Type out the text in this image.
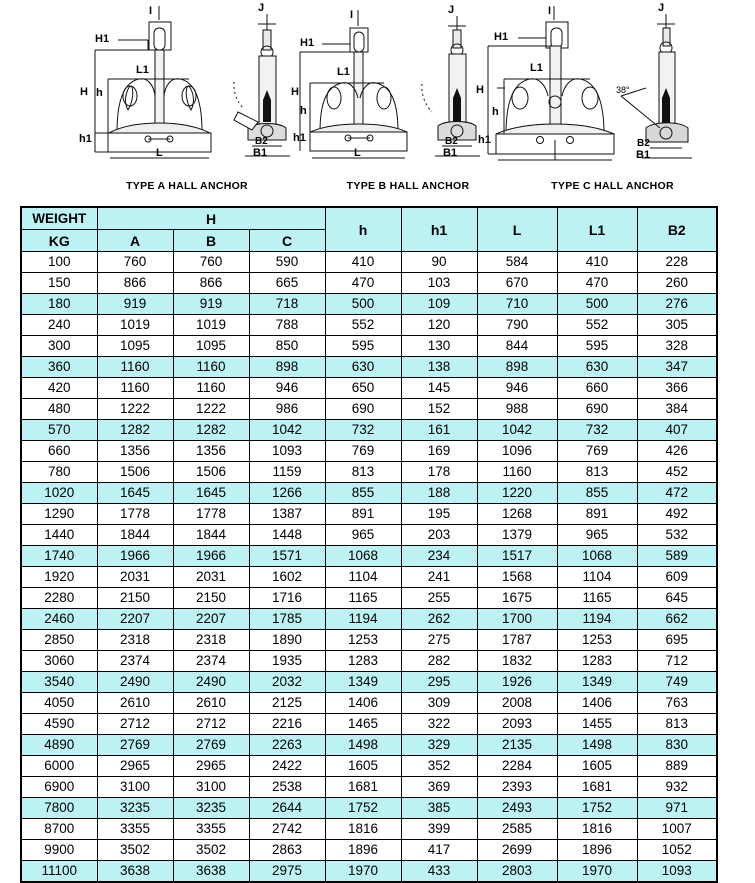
TYPE A HALL ANCHOR
I	J
H1
L1
H h
h1
L
B2
B1
TYPE B HALL ANCHOR
I	J
H1
L1
H
h
h1
L
B2
B1
TYPE C HALL ANCHOR
I	J
H1
L1
H
h
h1	B2
B1
38°
WEIGHT	H			h	h1	L	L1	B2
KG	A	B	C					
100	760	760	590	410	90	584	410	228
150	866	866	665	470	103	670	470	260
180	919	919	718	500	109	710	500	276
240	1019	1019	788	552	120	790	552	305
300	1095	1095	850	595	130	844	595	328
360	1160	1160	898	630	138	898	630	347
420	1160	1160	946	650	145	946	660	366
480	1222	1222	986	690	152	988	690	384
570	1282	1282	1042	732	161	1042	732	407
660	1356	1356	1093	769	169	1096	769	426
780	1506	1506	1159	813	178	1160	813	452
1020	1645	1645	1266	855	188	1220	855	472
1290	1778	1778	1387	891	195	1268	891	492
1440	1844	1844	1448	965	203	1379	965	532
1740	1966	1966	1571	1068	234	1517	1068	589
1920	2031	2031	1602	1104	241	1568	1104	609
2280	2150	2150	1716	1165	255	1675	1165	645
2460	2207	2207	1785	1194	262	1700	1194	662
2850	2318	2318	1890	1253	275	1787	1253	695
3060	2374	2374	1935	1283	282	1832	1283	712
3540	2490	2490	2032	1349	295	1926	1349	749
4050	2610	2610	2125	1406	309	2008	1406	763
4590	2712	2712	2216	1465	322	2093	1455	813
4890	2769	2769	2263	1498	329	2135	1498	830
6000	2965	2965	2422	1605	352	2284	1605	889
6900	3100	3100	2538	1681	369	2393	1681	932
7800	3235	3235	2644	1752	385	2493	1752	971
8700	3355	3355	2742	1816	399	2585	1816	1007
9900	3502	3502	2863	1896	417	2699	1896	1052
11100	3638	3638	2975	1970	433	2803	1970	1093
